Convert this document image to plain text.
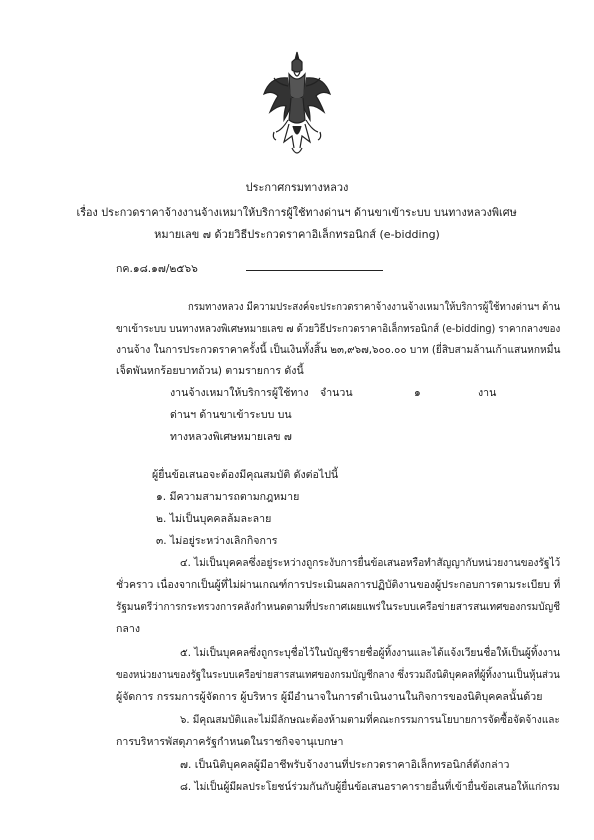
ประกาศกรมทางหลวง
เรื่อง ประกวดราคาจ้างงานจ้างเหมาให้บริการผู้ใช้ทางด่านฯ ด้านขาเข้าระบบ บนทางหลวงพิเศษ
หมายเลข ๗ ด้วยวิธีประกวดราคาอิเล็กทรอนิกส์ (e-bidding)
กค.๑๘.๑๗/๒๕๖๖
กรมทางหลวง มีความประสงค์จะประกวดราคาจ้างงานจ้างเหมาให้บริการผู้ใช้ทางด่านฯ ด้าน
ขาเข้าระบบ บนทางหลวงพิเศษหมายเลข ๗ ด้วยวิธีประกวดราคาอิเล็กทรอนิกส์ (e-bidding) ราคากลางของ
งานจ้าง ในการประกวดราคาครั้งนี้ เป็นเงินทั้งสิ้น ๒๓,๙๖๗,๖๐๐.๐๐ บาท (ยี่สิบสามล้านเก้าแสนหกหมื่น
เจ็ดพันหกร้อยบาทถ้วน) ตามรายการ ดังนี้
งานจ้างเหมาให้บริการผู้ใช้ทาง
ด่านฯ ด้านขาเข้าระบบ บน
ทางหลวงพิเศษหมายเลข ๗
จำนวน	๑	งาน
ผู้ยื่นข้อเสนอจะต้องมีคุณสมบัติ ดังต่อไปนี้
๑. มีความสามารถตามกฎหมาย
๒. ไม่เป็นบุคคลล้มละลาย
๓. ไม่อยู่ระหว่างเลิกกิจการ
๔. ไม่เป็นบุคคลซึ่งอยู่ระหว่างถูกระงับการยื่นข้อเสนอหรือทำสัญญากับหน่วยงานของรัฐไว้
ชั่วคราว เนื่องจากเป็นผู้ที่ไม่ผ่านเกณฑ์การประเมินผลการปฏิบัติงานของผู้ประกอบการตามระเบียบ ที่
รัฐมนตรีว่าการกระทรวงการคลังกำหนดตามที่ประกาศเผยแพร่ในระบบเครือข่ายสารสนเทศของกรมบัญชี
กลาง
๕. ไม่เป็นบุคคลซึ่งถูกระบุชื่อไว้ในบัญชีรายชื่อผู้ทิ้งงานและได้แจ้งเวียนชื่อให้เป็นผู้ทิ้งงาน
ของหน่วยงานของรัฐในระบบเครือข่ายสารสนเทศของกรมบัญชีกลาง ซึ่งรวมถึงนิติบุคคลที่ผู้ทิ้งงานเป็นหุ้นส่วน
ผู้จัดการ กรรมการผู้จัดการ ผู้บริหาร ผู้มีอำนาจในการดำเนินงานในกิจการของนิติบุคคลนั้นด้วย
๖. มีคุณสมบัติและไม่มีลักษณะต้องห้ามตามที่คณะกรรมการนโยบายการจัดซื้อจัดจ้างและ
การบริหารพัสดุภาครัฐกำหนดในราชกิจจานุเบกษา
๗. เป็นนิติบุคคลผู้มีอาชีพรับจ้างงานที่ประกวดราคาอิเล็กทรอนิกส์ดังกล่าว
๘. ไม่เป็นผู้มีผลประโยชน์ร่วมกันกับผู้ยื่นข้อเสนอราคารายอื่นที่เข้ายื่นข้อเสนอให้แก่กรม
